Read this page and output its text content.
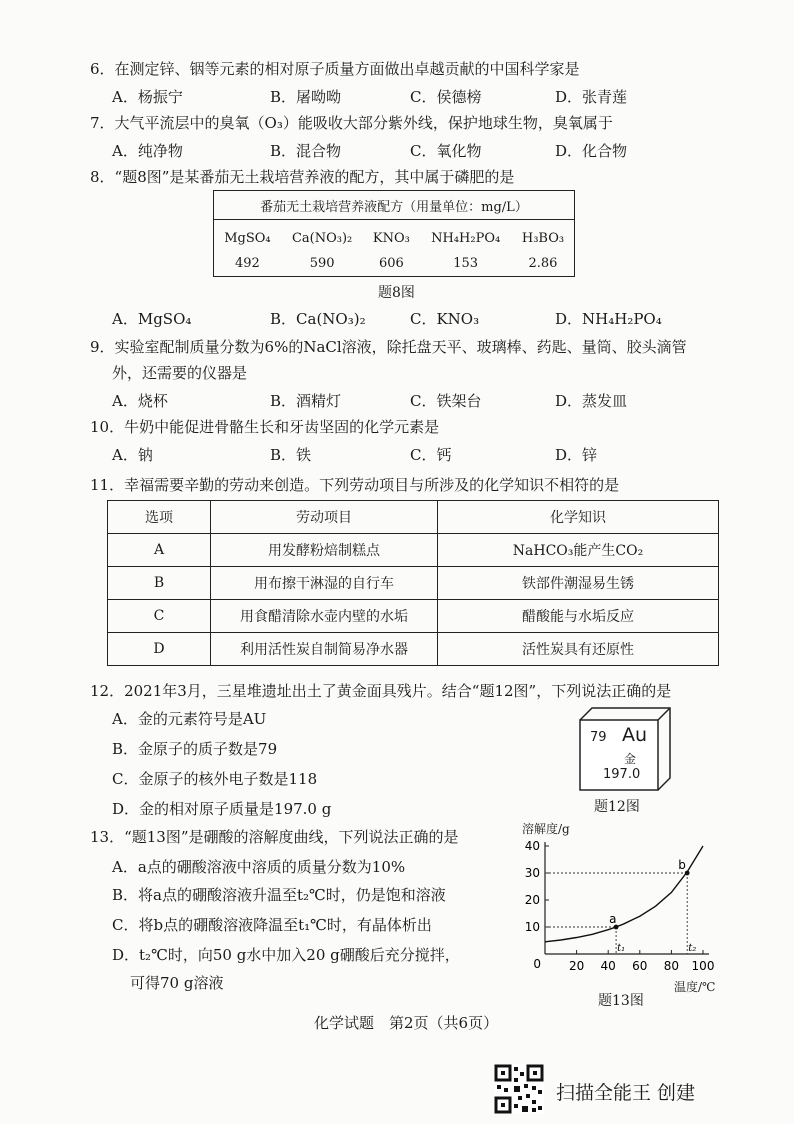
6．在测定锌、铟等元素的相对原子质量方面做出卓越贡献的中国科学家是
A．杨振宁	B．屠呦呦	C．侯德榜	D．张青莲
7．大气平流层中的臭氧（O₃）能吸收大部分紫外线，保护地球生物，臭氧属于
A．纯净物	B．混合物	C．氧化物	D．化合物
8．“题8图”是某番茄无土栽培营养液的配方，其中属于磷肥的是
番茄无土栽培营养液配方（用量单位：mg/L）				
MgSO₄	Ca(NO₃)₂	KNO₃	NH₄H₂PO₄	H₃BO₃
492	590	606	153	2.86
题8图
A．MgSO₄	B．Ca(NO₃)₂	C．KNO₃	D．NH₄H₂PO₄
9．实验室配制质量分数为6%的NaCl溶液，除托盘天平、玻璃棒、药匙、量筒、胶头滴管
外，还需要的仪器是
A．烧杯	B．酒精灯	C．铁架台	D．蒸发皿
10．牛奶中能促进骨骼生长和牙齿坚固的化学元素是
A．钠	B．铁	C．钙	D．锌
11．幸福需要辛勤的劳动来创造。下列劳动项目与所涉及的化学知识不相符的是
选项	劳动项目	化学知识
A	用发酵粉焙制糕点	NaHCO₃能产生CO₂
B	用布擦干淋湿的自行车	铁部件潮湿易生锈
C	用食醋清除水壶内壁的水垢	醋酸能与水垢反应
D	利用活性炭自制简易净水器	活性炭具有还原性
12．2021年3月，三星堆遗址出土了黄金面具残片。结合“题12图”，下列说法正确的是
A．金的元素符号是AU
B．金原子的质子数是79
C．金原子的核外电子数是118
D．金的相对原子质量是197.0 g
79 Au
金
197.0
题12图
13．“题13图”是硼酸的溶解度曲线，下列说法正确的是
A．a点的硼酸溶液中溶质的质量分数为10%
B．将a点的硼酸溶液升温至t₂℃时，仍是饱和溶液
C．将b点的硼酸溶液降温至t₁℃时，有晶体析出
D．t₂℃时，向50 g水中加入20 g硼酸后充分搅拌，
可得70 g溶液
溶解度/g
温度/℃
10
20
30
40
20 40 60 80 100
0
a
t₁
b
t₂
题13图
化学试题　第2页（共6页）
扫描全能王 创建
